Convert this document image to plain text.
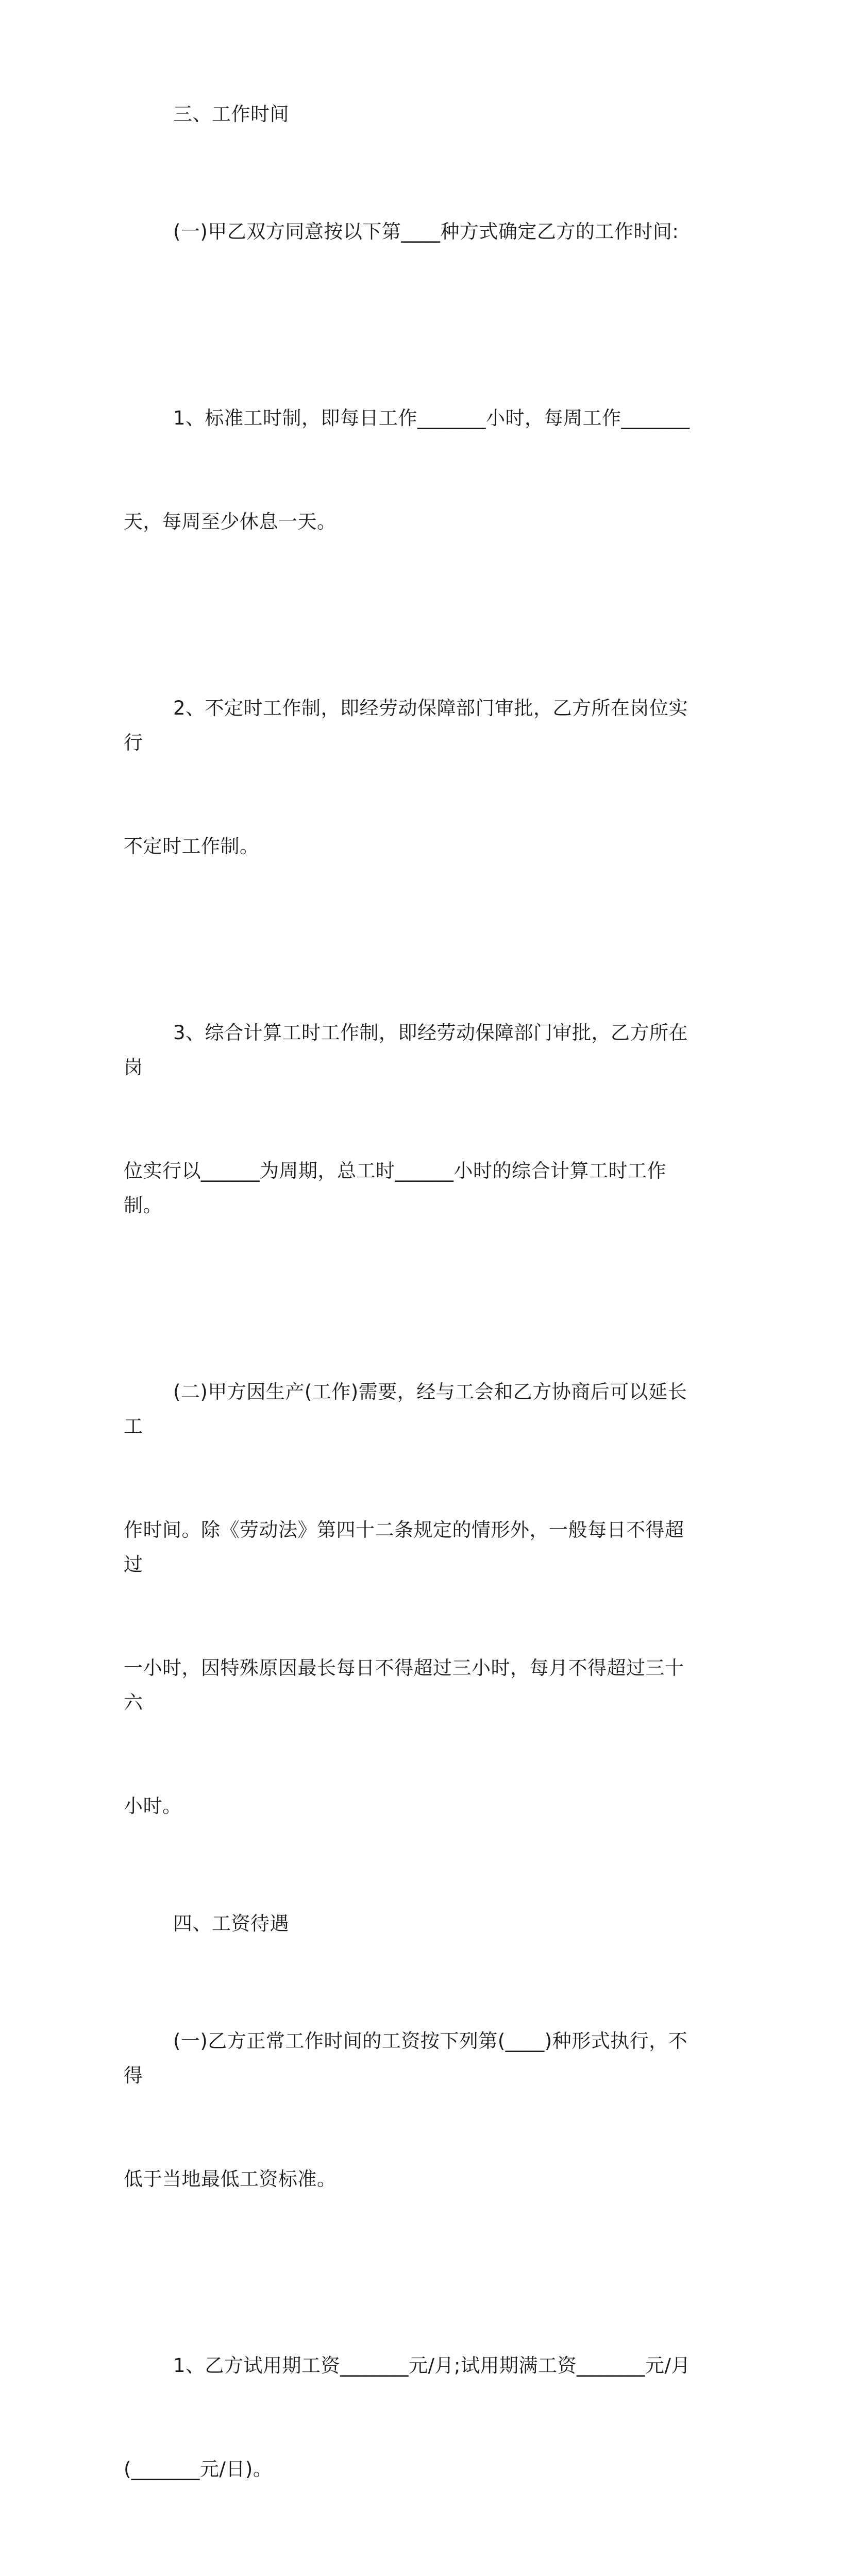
三、工作时间

(一)甲乙双方同意按以下第____种方式确定乙方的工作时间:

1、标准工时制，即每日工作_______小时，每周工作_______

天，每周至少休息一天。

2、不定时工作制，即经劳动保障部门审批，乙方所在岗位实行

不定时工作制。

3、综合计算工时工作制，即经劳动保障部门审批，乙方所在岗

位实行以______为周期，总工时______小时的综合计算工时工作制。

(二)甲方因生产(工作)需要，经与工会和乙方协商后可以延长工

作时间。除《劳动法》第四十二条规定的情形外，一般每日不得超过

一小时，因特殊原因最长每日不得超过三小时，每月不得超过三十六

小时。

四、工资待遇

(一)乙方正常工作时间的工资按下列第(____)种形式执行，不得

低于当地最低工资标准。

1、乙方试用期工资_______元/月;试用期满工资_______元/月

(_______元/日)。
